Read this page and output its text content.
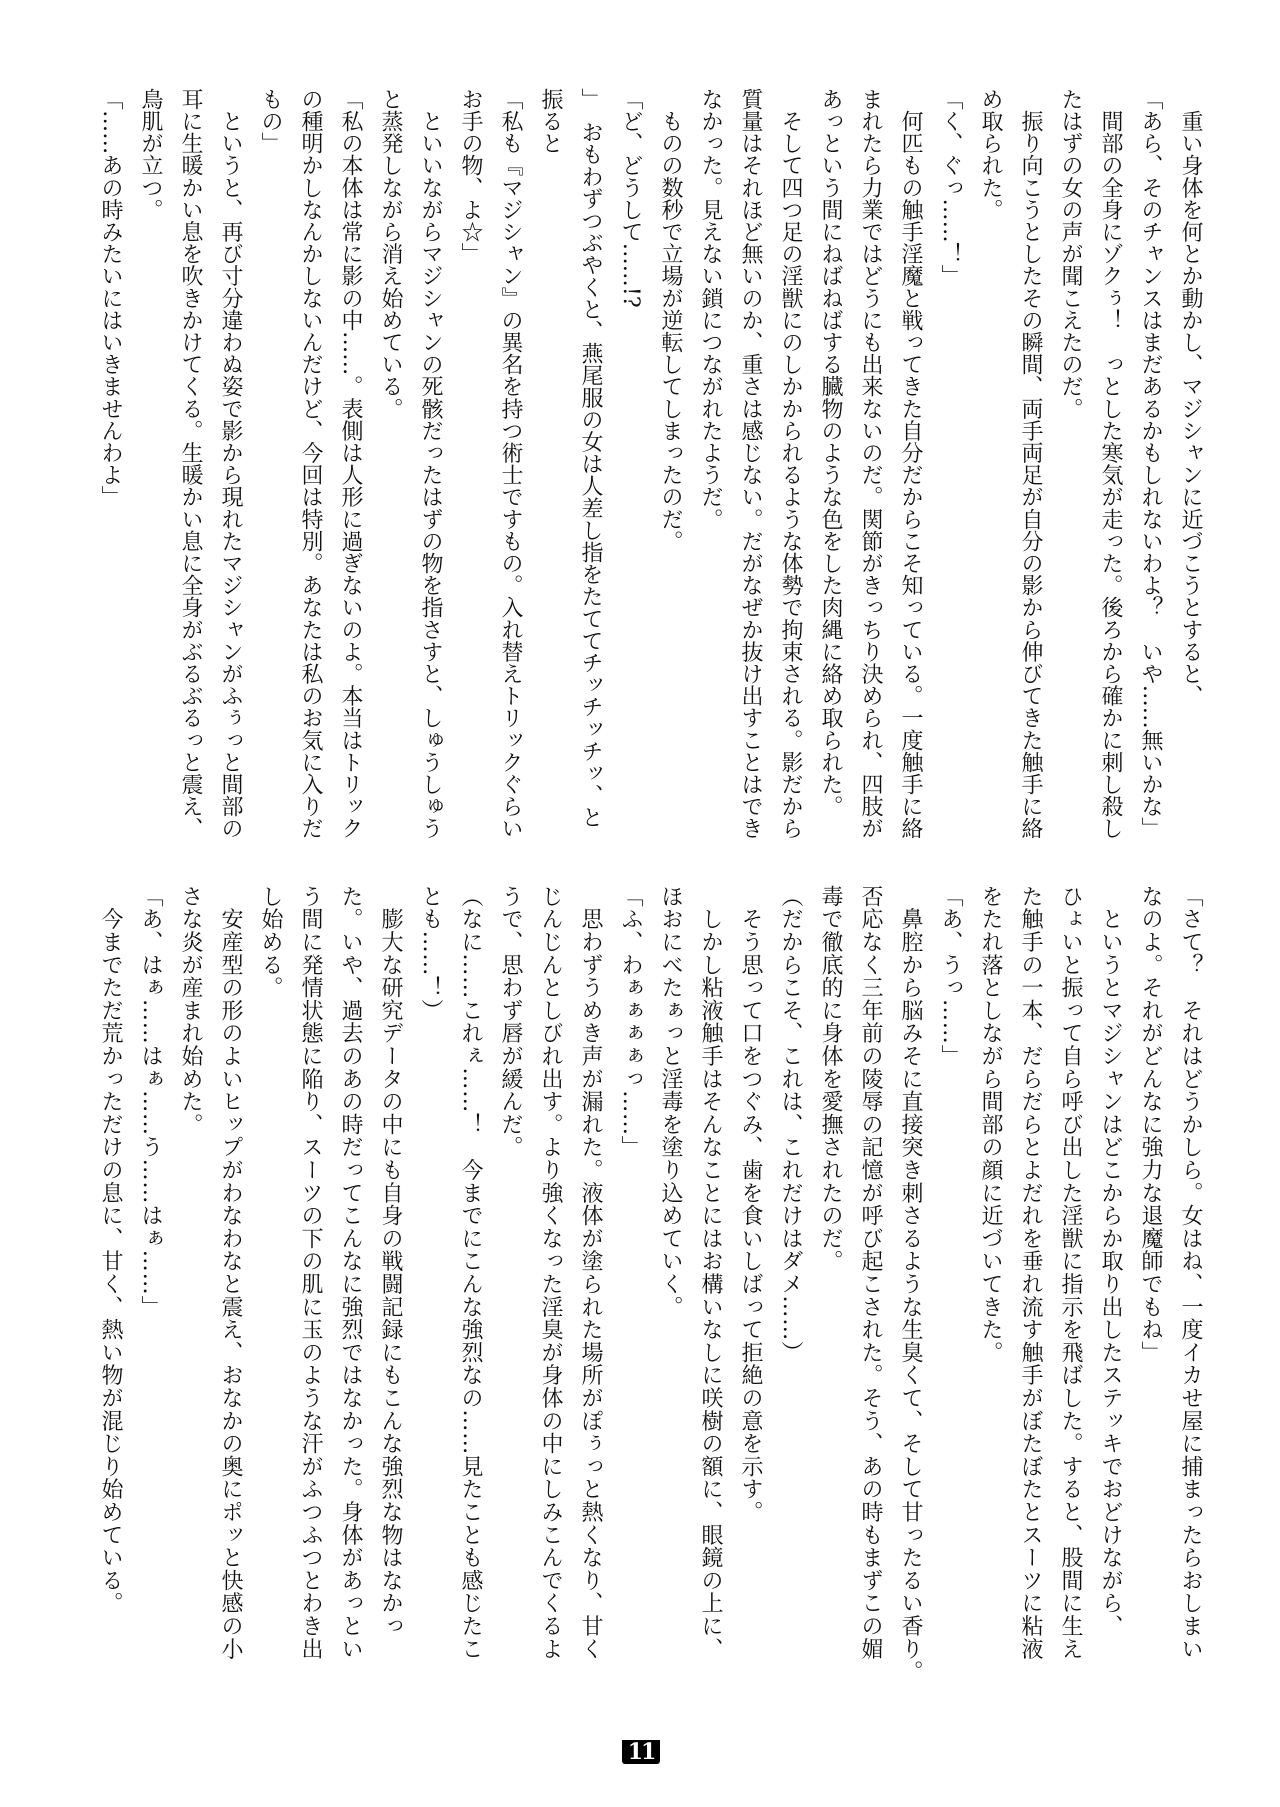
　重い身体を何とか動かし、マジシャンに近づこうとすると、
「あら、そのチャンスはまだあるかもしれないわよ？　いや……無いかな」
　間部の全身にゾクぅ！　っとした寒気が走った。後ろから確かに刺し殺し
たはずの女の声が聞こえたのだ。
　振り向こうとしたその瞬間、両手両足が自分の影から伸びてきた触手に絡
め取られた。
「く、ぐっ……！」
　何匹もの触手淫魔と戦ってきた自分だからこそ知っている。一度触手に絡
まれたら力業ではどうにも出来ないのだ。関節がきっちり決められ、四肢が
あっという間にねばねばする臓物のような色をした肉縄に絡め取られた。
　そして四つ足の淫獣にのしかかられるような体勢で拘束される。影だから
質量はそれほど無いのか、重さは感じない。だがなぜか抜け出すことはでき
なかった。見えない鎖につながれたようだ。
　ものの数秒で立場が逆転してしまったのだ。
「ど、どうして……!?
」　おもわずつぶやくと、燕尾服の女は人差し指をたててチッチッチッ、と
振ると
「私も『マジシャン』の異名を持つ術士ですもの。入れ替えトリックぐらい
お手の物、よ☆」
　といいながらマジシャンの死骸だったはずの物を指さすと、しゅうしゅう
と蒸発しながら消え始めている。
「私の本体は常に影の中……。表側は人形に過ぎないのよ。本当はトリック
の種明かしなんかしないんだけど、今回は特別。あなたは私のお気に入りだ
もの」
　というと、再び寸分違わぬ姿で影から現れたマジシャンがふぅっと間部の
耳に生暖かい息を吹きかけてくる。生暖かい息に全身がぶるぶるっと震え、
鳥肌が立つ。
「……あの時みたいにはいきませんわよ」
「さて？　それはどうかしら。女はね、一度イカせ屋に捕まったらおしまい
なのよ。それがどんなに強力な退魔師でもね」
　というとマジシャンはどこからか取り出したステッキでおどけながら、
ひょいと振って自ら呼び出した淫獣に指示を飛ばした。すると、股間に生え
た触手の一本、だらだらとよだれを垂れ流す触手がぼたぼたとスーツに粘液
をたれ落としながら間部の顔に近づいてきた。
「あ、うっ……」
　鼻腔から脳みそに直接突き刺さるような生臭くて、そして甘ったるい香り。
否応なく三年前の陵辱の記憶が呼び起こされた。そう、あの時もまずこの媚
毒で徹底的に身体を愛撫されたのだ。
（だからこそ、これは、これだけはダメ……）
　そう思って口をつぐみ、歯を食いしばって拒絶の意を示す。
　しかし粘液触手はそんなことにはお構いなしに咲樹の額に、眼鏡の上に、
ほおにべたぁっと淫毒を塗り込めていく。
「ふ、わぁぁぁぁっ……」
　思わずうめき声が漏れた。液体が塗られた場所がぽぅっと熱くなり、甘く
じんじんとしびれ出す。より強くなった淫臭が身体の中にしみこんでくるよ
うで、思わず唇が緩んだ。
（なに……これぇ……！　今までにこんな強烈なの……見たことも感じたこ
とも……！）
　膨大な研究データの中にも自身の戦闘記録にもこんな強烈な物はなかっ
た。いや、過去のあの時だってこんなに強烈ではなかった。身体があっとい
う間に発情状態に陥り、スーツの下の肌に玉のような汗がふつふつとわき出
し始める。
　安産型の形のよいヒップがわなわなと震え、おなかの奥にポッと快感の小
さな炎が産まれ始めた。
「あ、はぁ……はぁ……う……はぁ……」
　今までただ荒かっただけの息に、甘く、熱い物が混じり始めている。
11
